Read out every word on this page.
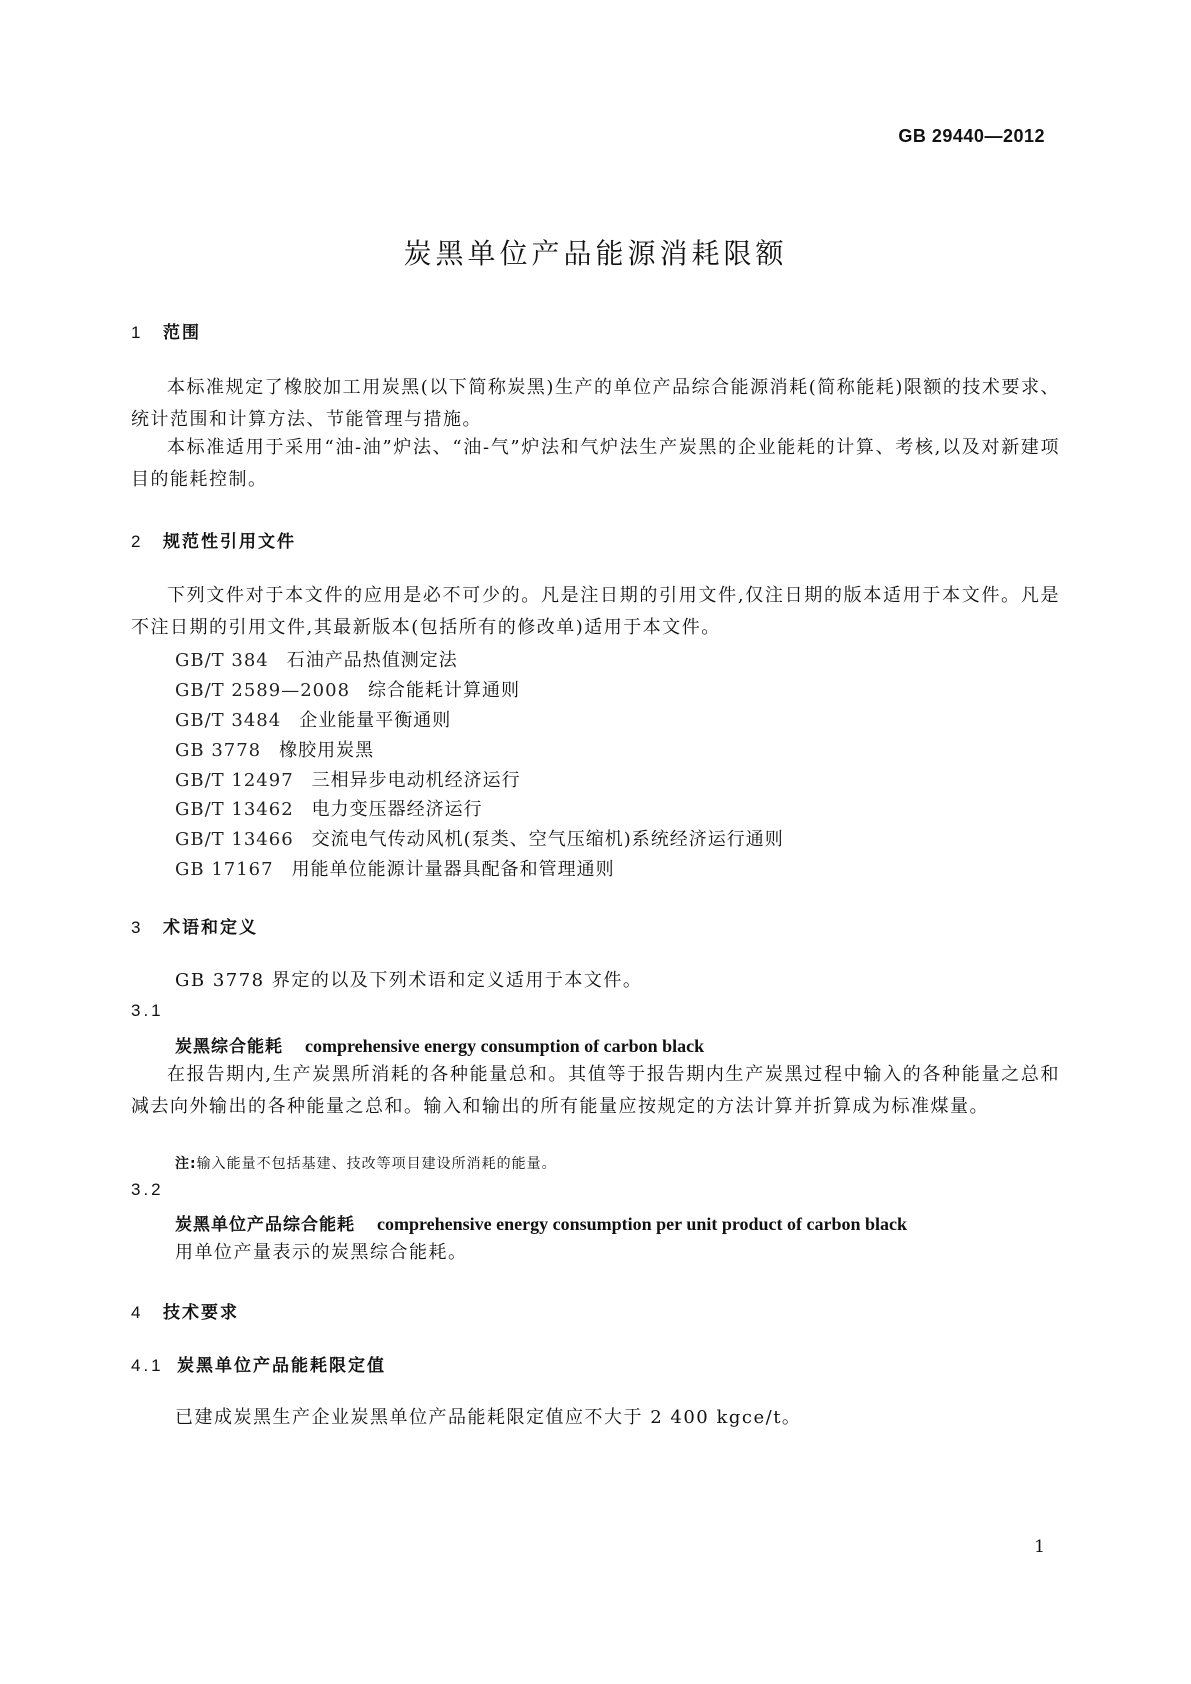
GB 29440—2012
炭黑单位产品能源消耗限额
1 范围
本标准规定了橡胶加工用炭黑(以下简称炭黑)生产的单位产品综合能源消耗(简称能耗)限额的技术要求、统计范围和计算方法、节能管理与措施。
本标准适用于采用“油-油”炉法、“油-气”炉法和气炉法生产炭黑的企业能耗的计算、考核,以及对新建项目的能耗控制。
2 规范性引用文件
下列文件对于本文件的应用是必不可少的。凡是注日期的引用文件,仅注日期的版本适用于本文件。凡是不注日期的引用文件,其最新版本(包括所有的修改单)适用于本文件。
GB/T 384 石油产品热值测定法
GB/T 2589—2008 综合能耗计算通则
GB/T 3484 企业能量平衡通则
GB 3778 橡胶用炭黑
GB/T 12497 三相异步电动机经济运行
GB/T 13462 电力变压器经济运行
GB/T 13466 交流电气传动风机(泵类、空气压缩机)系统经济运行通则
GB 17167 用能单位能源计量器具配备和管理通则
3 术语和定义
GB 3778 界定的以及下列术语和定义适用于本文件。
3.1
炭黑综合能耗 comprehensive energy consumption of carbon black
在报告期内,生产炭黑所消耗的各种能量总和。其值等于报告期内生产炭黑过程中输入的各种能量之总和减去向外输出的各种能量之总和。输入和输出的所有能量应按规定的方法计算并折算成为标准煤量。
注:输入能量不包括基建、技改等项目建设所消耗的能量。
3.2
炭黑单位产品综合能耗 comprehensive energy consumption per unit product of carbon black
用单位产量表示的炭黑综合能耗。
4 技术要求
4.1 炭黑单位产品能耗限定值
已建成炭黑生产企业炭黑单位产品能耗限定值应不大于 2 400 kgce/t。
1
